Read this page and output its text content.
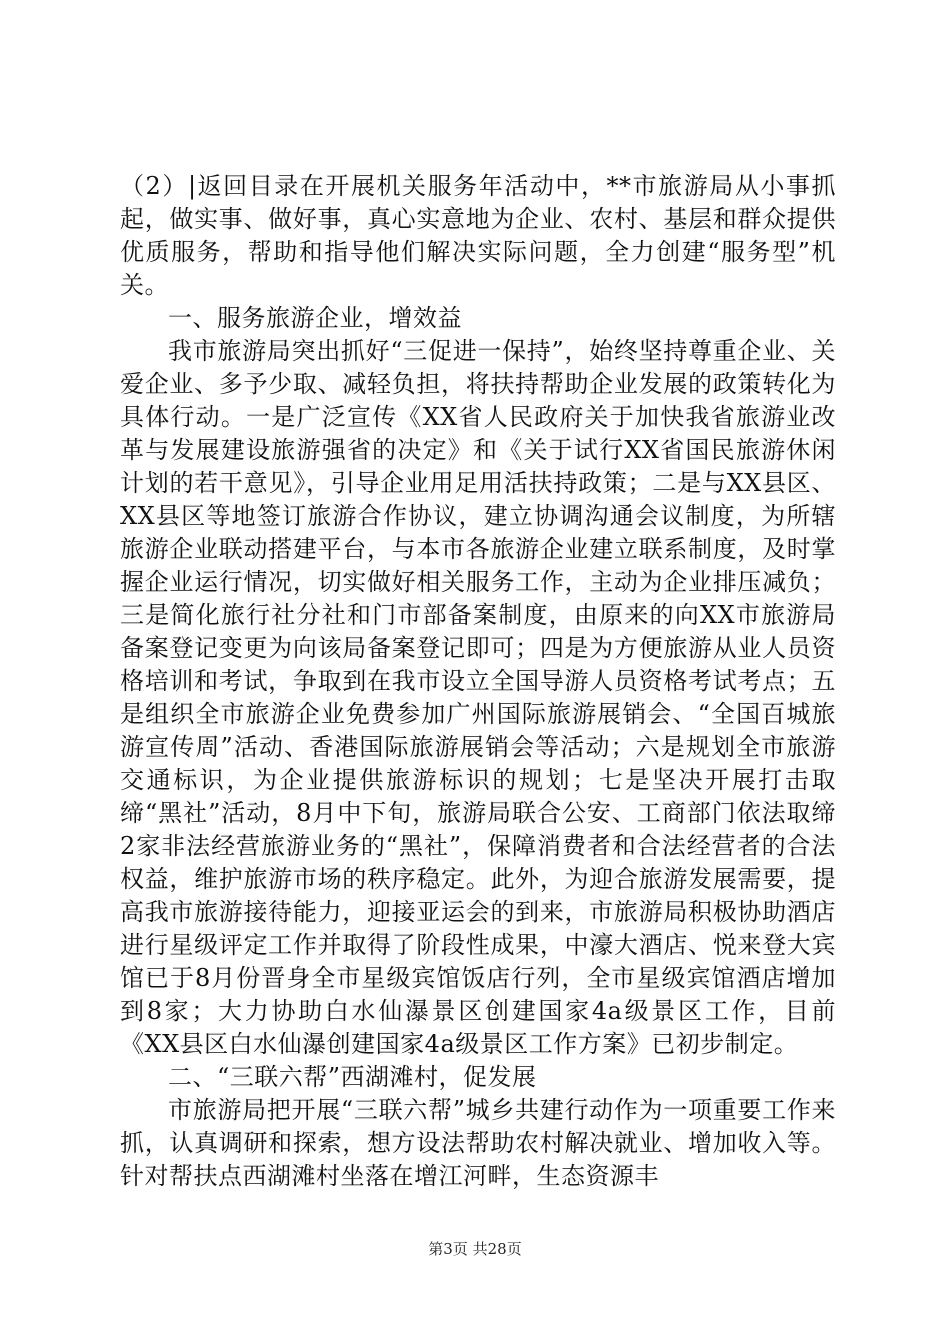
（2）|返回目录在开展机关服务年活动中，**市旅游局从小事抓起，做实事、做好事，真心实意地为企业、农村、基层和群众提供优质服务，帮助和指导他们解决实际问题，全力创建“服务型”机关。

一、服务旅游企业，增效益

我市旅游局突出抓好“三促进一保持”，始终坚持尊重企业、关爱企业、多予少取、减轻负担，将扶持帮助企业发展的政策转化为具体行动。一是广泛宣传《XX省人民政府关于加快我省旅游业改革与发展建设旅游强省的决定》和《关于试行XX省国民旅游休闲计划的若干意见》，引导企业用足用活扶持政策；二是与XX县区、XX县区等地签订旅游合作协议，建立协调沟通会议制度，为所辖旅游企业联动搭建平台，与本市各旅游企业建立联系制度，及时掌握企业运行情况，切实做好相关服务工作，主动为企业排压减负；三是简化旅行社分社和门市部备案制度，由原来的向XX市旅游局备案登记变更为向该局备案登记即可；四是为方便旅游从业人员资格培训和考试，争取到在我市设立全国导游人员资格考试考点；五是组织全市旅游企业免费参加广州国际旅游展销会、“全国百城旅游宣传周”活动、香港国际旅游展销会等活动；六是规划全市旅游交通标识，为企业提供旅游标识的规划；七是坚决开展打击取缔“黑社”活动，8月中下旬，旅游局联合公安、工商部门依法取缔2家非法经营旅游业务的“黑社”，保障消费者和合法经营者的合法权益，维护旅游市场的秩序稳定。此外，为迎合旅游发展需要，提高我市旅游接待能力，迎接亚运会的到来，市旅游局积极协助酒店进行星级评定工作并取得了阶段性成果，中濠大酒店、悦来登大宾馆已于8月份晋身全市星级宾馆饭店行列，全市星级宾馆酒店增加到8家；大力协助白水仙瀑景区创建国家4a级景区工作，目前《XX县区白水仙瀑创建国家4a级景区工作方案》已初步制定。

二、“三联六帮”西湖滩村，促发展

市旅游局把开展“三联六帮”城乡共建行动作为一项重要工作来抓，认真调研和探索，想方设法帮助农村解决就业、增加收入等。针对帮扶点西湖滩村坐落在增江河畔，生态资源丰

第3页 共28页
